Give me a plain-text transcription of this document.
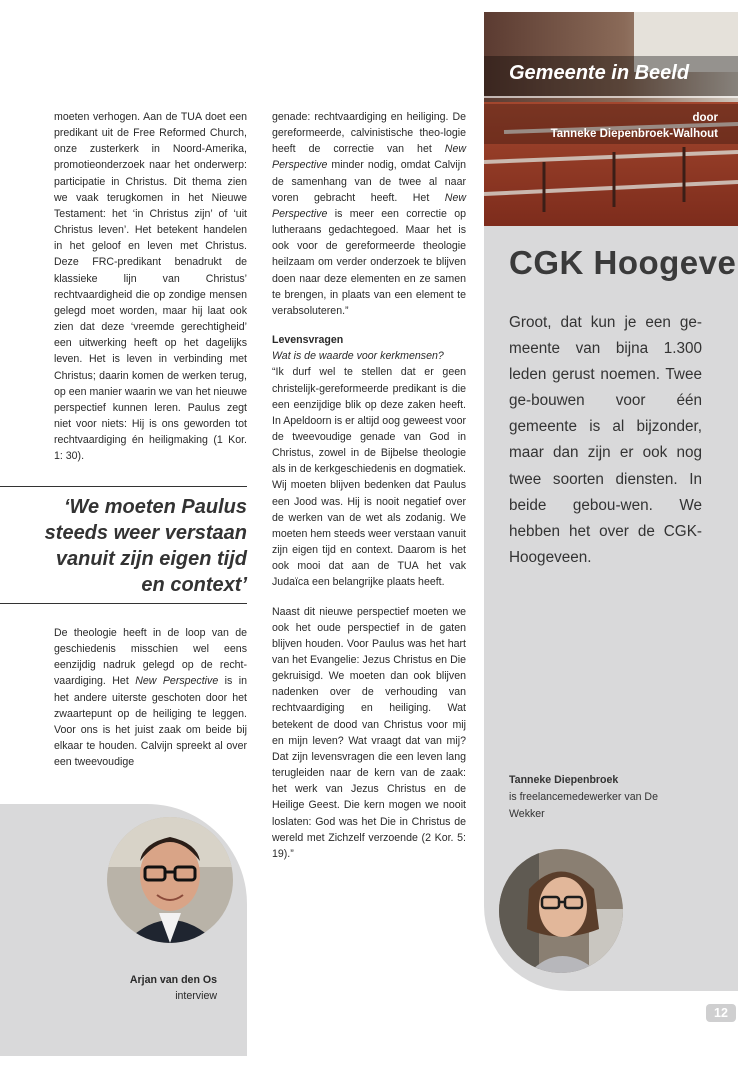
Gemeente in Beeld
door
Tanneke Diepenbroek-Walhout
CGK Hoogeve
Groot, dat kun je een ge-meente van bijna 1.300 leden gerust noemen. Twee ge-bouwen voor één gemeente is al bijzonder, maar dan zijn er ook nog twee soorten diensten. In beide gebou-wen. We hebben het over de CGK-Hoogeveen.
Tanneke Diepenbroek
is freelancemedewerker van De Wekker

moeten verhogen. Aan de TUA doet een predikant uit de Free Reformed Church, onze zusterkerk in Noord-Amerika, promotieonderzoek naar het onderwerp: participatie in Christus. Dit thema zien we vaak terugkomen in het Nieuwe Testament: het ‘in Christus zijn’ of ‘uit Christus leven’. Het betekent handelen in het geloof en leven met Christus. Deze FRC-predikant benadrukt de klassieke lijn van Christus’ rechtvaardigheid die op zondige mensen gelegd moet worden, maar hij laat ook zien dat deze ‘vreemde gerechtigheid’ een uitwerking heeft op het dagelijks leven. Het is leven in verbinding met Christus; daarin komen de werken terug, op een manier waarin we van het nieuwe perspectief kunnen leren. Paulus zegt niet voor niets: Hij is ons geworden tot rechtvaardiging én heiligmaking (1 Kor. 1: 30).

‘We moeten Paulus steeds weer verstaan vanuit zijn eigen tijd en context’

De theologie heeft in de loop van de geschiedenis misschien wel eens eenzijdig nadruk gelegd op de recht-vaardiging. Het New Perspective is in het andere uiterste geschoten door het zwaartepunt op de heiliging te leggen. Voor ons is het juist zaak om beide bij elkaar te houden. Calvijn spreekt al over een tweevoudige

Arjan van den Os
interview

genade: rechtvaardiging en heiliging. De gereformeerde, calvinistische theo-logie heeft de correctie van het New Perspective minder nodig, omdat Calvijn de samenhang van de twee al naar voren gebracht heeft. Het New Perspective is meer een correctie op lutheraans gedachtegoed. Maar het is ook voor de gereformeerde theologie heilzaam om verder onderzoek te blijven doen naar deze elementen en ze samen te brengen, in plaats van een element te verabsoluteren.”

Levensvragen

Wat is de waarde voor kerkmensen?

“Ik durf wel te stellen dat er geen christelijk-gereformeerde predikant is die een eenzijdige blik op deze zaken heeft. In Apeldoorn is er altijd oog geweest voor de tweevoudige genade van God in Christus, zowel in de Bijbelse theologie als in de kerkgeschiedenis en dogmatiek. Wij moeten blijven bedenken dat Paulus een Jood was. Hij is nooit negatief over de werken van de wet als zodanig. We moeten hem steeds weer verstaan vanuit zijn eigen tijd en context. Daarom is het ook mooi dat aan de TUA het vak Judaïca een belangrijke plaats heeft.

Naast dit nieuwe perspectief moeten we ook het oude perspectief in de gaten blijven houden. Voor Paulus was het hart van het Evangelie: Jezus Christus en Die gekruisigd. We moeten dan ook blijven nadenken over de verhouding van rechtvaardiging en heiliging. Wat betekent de dood van Christus voor mij en mijn leven? Wat vraagt dat van mij? Dat zijn levensvragen die een leven lang terugleiden naar de kern van de zaak: het werk van Jezus Christus en de Heilige Geest. Die kern mogen we nooit loslaten: God was het Die in Christus de wereld met Zichzelf verzoende (2 Kor. 5: 19).”

12
